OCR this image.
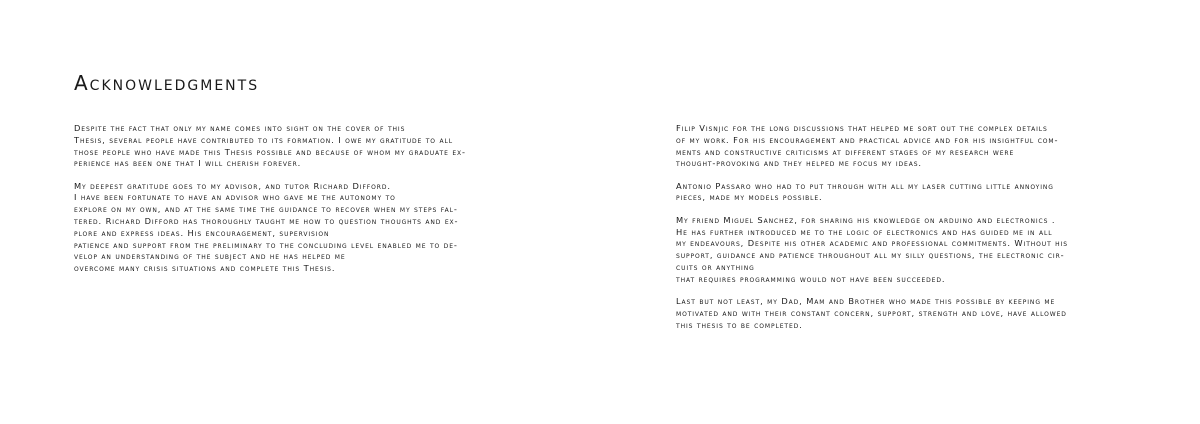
Acknowledgments
Despite the fact that only my name comes into sight on the cover of this
Thesis, several people have contributed to its formation. I owe my gratitude to all
those people who have made this Thesis possible and because of whom my graduate ex-
perience has been one that I will cherish forever.
My deepest gratitude goes to my advisor, and tutor Richard Difford.
I have been fortunate to have an advisor who gave me the autonomy to
explore on my own, and at the same time the guidance to recover when my steps fal-
tered. Richard Difford has thoroughly taught me how to question thoughts and ex-
plore and express ideas. His encouragement, supervision
patience and support from the preliminary to the concluding level enabled me to de-
velop an understanding of the subject and he has helped me
overcome many crisis situations and complete this Thesis.
Filip Visnjic for the long discussions that helped me sort out the complex details
of my work. For his encouragement and practical advice and for his insightful com-
ments and constructive criticisms at different stages of my research were
thought-provoking and they helped me focus my ideas.
Antonio Passaro who had to put through with all my laser cutting little annoying
pieces, made my models possible.
My friend Miguel Sanchez, for sharing his knowledge on arduino and electronics .
He has further introduced me to the logic of electronics and has guided me in all
my endeavours, Despite his other academic and professional commitments. Without his
support, guidance and patience throughout all my silly questions, the electronic cir-
cuits or anything
that requires programming would not have been succeeded.
Last but not least, my Dad, Mam and Brother who made this possible by keeping me
motivated and with their constant concern, support, strength and love, have allowed
this thesis to be completed.
